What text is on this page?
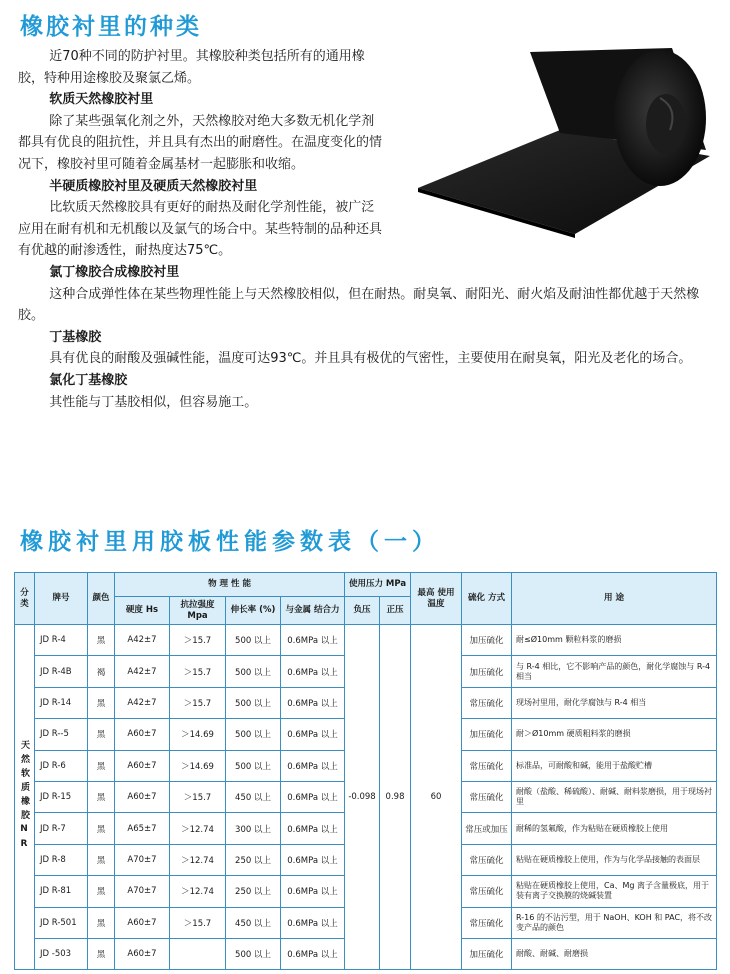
橡胶衬里的种类

近70种不同的防护衬里。其橡胶种类包括所有的通用橡胶，特种用途橡胶及聚氯乙烯。

软质天然橡胶衬里

除了某些强氧化剂之外，天然橡胶对绝大多数无机化学剂都具有优良的阻抗性，并且具有杰出的耐磨性。在温度变化的情况下，橡胶衬里可随着金属基材一起膨胀和收缩。

半硬质橡胶衬里及硬质天然橡胶衬里

比软质天然橡胶具有更好的耐热及耐化学剂性能，被广泛应用在耐有机和无机酸以及氯气的场合中。某些特制的品种还具有优越的耐渗透性，耐热度达75℃。

氯丁橡胶合成橡胶衬里

这种合成弹性体在某些物理性能上与天然橡胶相似，但在耐热。耐臭氧、耐阳光、耐火焰及耐油性都优越于天然橡胶。

丁基橡胶

具有优良的耐酸及强碱性能，温度可达93℃。并且具有极优的气密性，主要使用在耐臭氧，阳光及老化的场合。

氯化丁基橡胶

其性能与丁基胶相似，但容易施工。

橡胶衬里用胶板性能参数表（一）
分类	牌号	颜色	物 理 性 能				使用压力 MPa		最高 使用 温度	硫化 方式	用 途
			硬度 Hs	抗拉强度 Mpa	伸长率 (%)	与金属 结合力	负压	正压			
天然软质橡胶NR	JD R-4	黑	A42±7	＞15.7	500 以上	0.6MPa 以上	-0.098	0.98	60	加压硫化	耐≤Ø10mm 颗粒料浆的磨损
	JD R-4B	褐	A42±7	＞15.7	500 以上	0.6MPa 以上				加压硫化	与 R-4 相比，它不影响产品的颜色，耐化学腐蚀与 R-4 相当
	JD R-14	黑	A42±7	＞15.7	500 以上	0.6MPa 以上				常压硫化	现场衬里用，耐化学腐蚀与 R-4 相当
	JD R--5	黑	A60±7	＞14.69	500 以上	0.6MPa 以上				加压硫化	耐＞Ø10mm 硬质粗料浆的磨损
	JD R-6	黑	A60±7	＞14.69	500 以上	0.6MPa 以上				常压硫化	标准品，可耐酸和碱，能用于盐酸贮槽
	JD R-15	黑	A60±7	＞15.7	450 以上	0.6MPa 以上				常压硫化	耐酸（盐酸、稀硫酸）、耐碱、耐料浆磨损，用于现场衬里
	JD R-7	黑	A65±7	＞12.74	300 以上	0.6MPa 以上				常压或加压	耐稀的氢氟酸，作为粘贴在硬质橡胶上使用
	JD R-8	黑	A70±7	＞12.74	250 以上	0.6MPa 以上				常压硫化	粘贴在硬质橡胶上使用，作为与化学品接触的表面层
	JD R-81	黑	A70±7	＞12.74	250 以上	0.6MPa 以上				常压硫化	粘贴在硬质橡胶上使用，Ca、Mg 离子含量极底，用于装有离子交换膜的烧碱装置
	JD R-501	黑	A60±7	＞15.7	450 以上	0.6MPa 以上				常压硫化	R-16 的不沾污型，用于 NaOH、KOH 和 PAC，将不改变产品的颜色
	JD -503	黑	A60±7		500 以上	0.6MPa 以上				加压硫化	耐酸、耐碱、耐磨损
